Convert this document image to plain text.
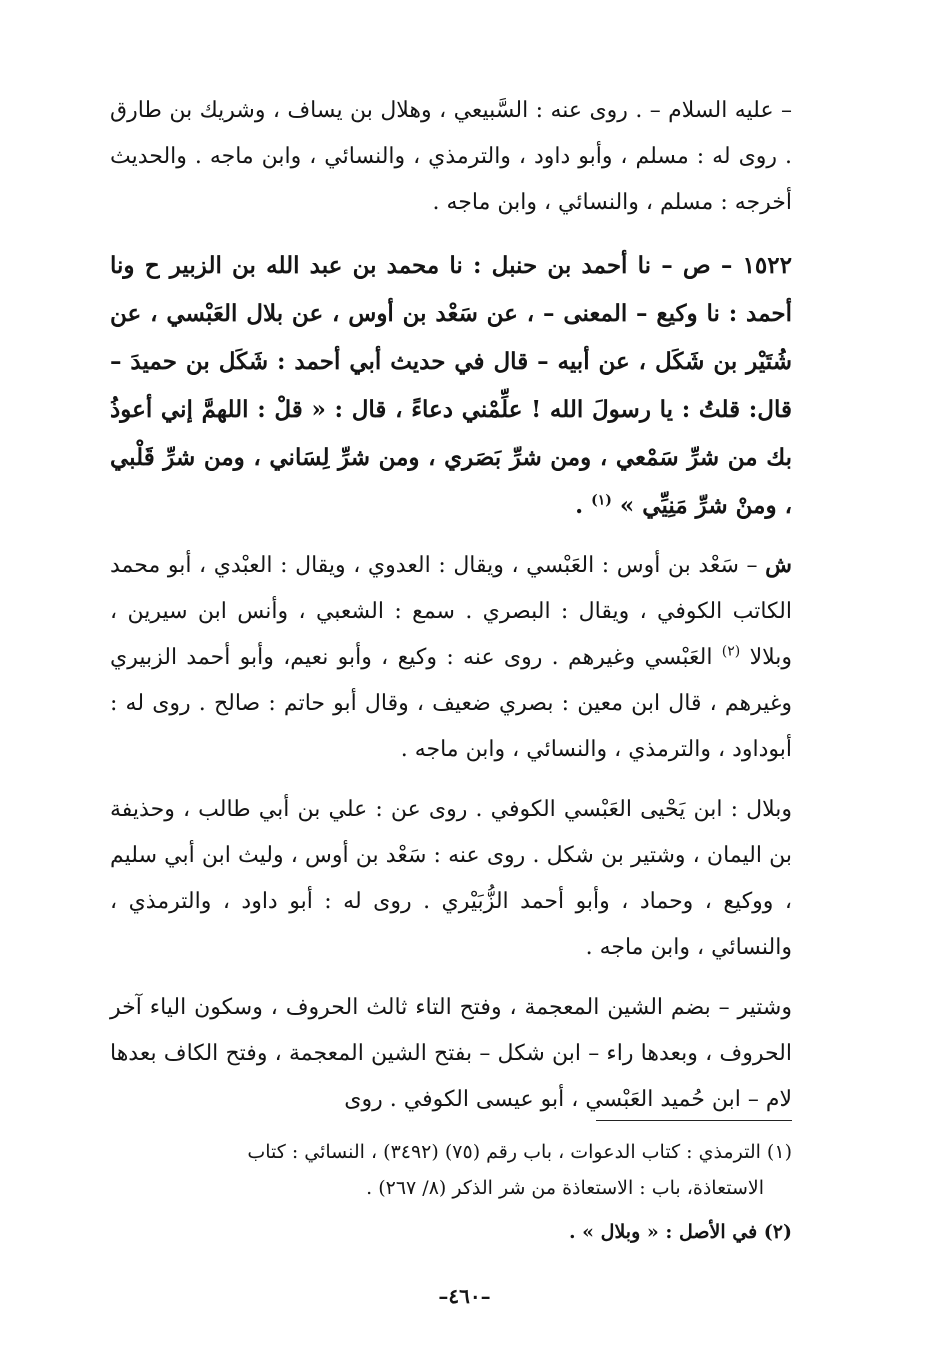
– عليه السلام – . روى عنه : السَّبيعي ، وهلال بن يساف ، وشريك بن طارق . روى له : مسلم ، وأبو داود ، والترمذي ، والنسائي ، وابن ماجه . والحديث أخرجه : مسلم ، والنسائي ، وابن ماجه .

١٥٢٢ – ص – نا أحمد بن حنبل : نا محمد بن عبد الله بن الزبير ح ونا أحمد : نا وكيع – المعنى – ، عن سَعْد بن أوس ، عن بلال العَبْسي ، عن شُتَيْر بن شَكَل ، عن أبيه – قال في حديث أبي أحمد : شَكَل بن حميدَ – قال: قلتُ : يا رسولَ الله ! علِّمْني دعاءً ، قال : « قلْ : اللهمَّ إني أعوذُ بك من شرِّ سَمْعي ، ومن شرِّ بَصَري ، ومن شرِّ لِسَاني ، ومن شرِّ قَلْبي ، ومنْ شرِّ مَنِيِّي » $^{(١)}$ .

ش – سَعْد بن أوس : العَبْسي ، ويقال : العدوي ، ويقال : العبْدي ، أبو محمد الكاتب الكوفي ، ويقال : البصري . سمع : الشعبي ، وأنس ابن سيرين ، وبلالا $^{(٢)}$ العَبْسي وغيرهم . روى عنه : وكيع ، وأبو نعيم، وأبو أحمد الزبيري وغيرهم ، قال ابن معين : بصري ضعيف ، وقال أبو حاتم : صالح . روى له : أبوداود ، والترمذي ، والنسائي ، وابن ماجه .

وبلال : ابن يَحْيى العَبْسي الكوفي . روى عن : علي بن أبي طالب ، وحذيفة بن اليمان ، وشتير بن شكل . روى عنه : سَعْد بن أوس ، وليث ابن أبي سليم ، ووكيع ، وحماد ، وأبو أحمد الزُّبَيْري . روى له : أبو داود ، والترمذي ، والنسائي ، وابن ماجه .

وشتير – بضم الشين المعجمة ، وفتح التاء ثالث الحروف ، وسكون الياء آخر الحروف ، وبعدها راء – ابن شكل – بفتح الشين المعجمة ، وفتح الكاف بعدها لام – ابن حُميد العَبْسي ، أبو عيسى الكوفي . روى

(١) الترمذي : كتاب الدعوات ، باب رقم (٧٥) (٣٤٩٢) ، النسائي : كتاب

الاستعاذة، باب : الاستعاذة من شر الذكر (٨/ ٢٦٧) .

(٢) في الأصل : « وبلال » .

–٤٦٠–
